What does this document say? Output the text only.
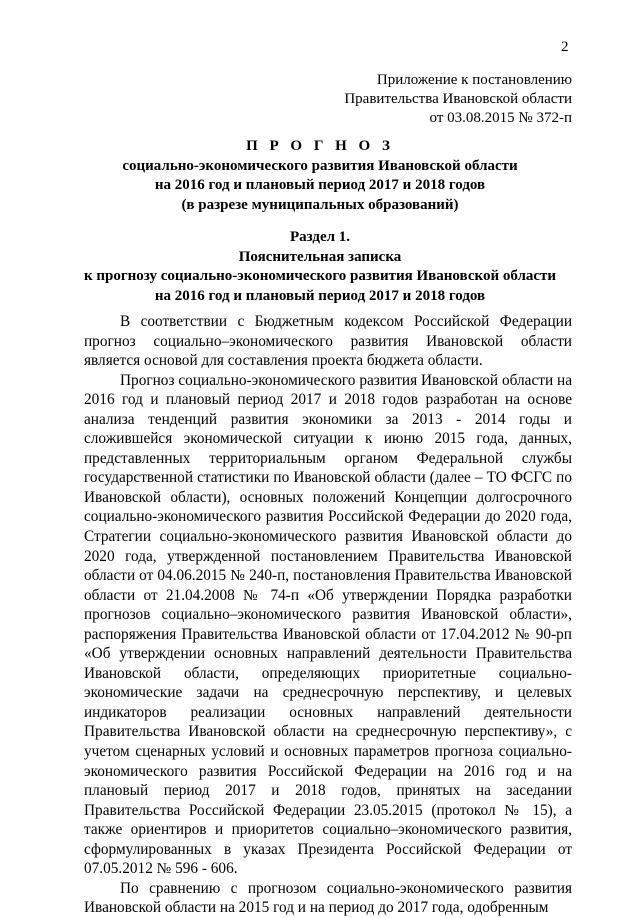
2
Приложение к постановлению
Правительства Ивановской области
от 03.08.2015 № 372-п
П Р О Г Н О З
социально-экономического развития Ивановской области
на 2016 год и плановый период 2017 и 2018 годов
(в разрезе муниципальных образований)
Раздел 1.
Пояснительная записка
к прогнозу социально-экономического развития Ивановской области
на 2016 год и плановый период 2017 и 2018 годов

В соответствии с Бюджетным кодексом Российской Федерации прогноз социально–экономического развития Ивановской области является основой для составления проекта бюджета области.

Прогноз социально-экономического развития Ивановской области на 2016 год и плановый период 2017 и 2018 годов разработан на основе анализа тенденций развития экономики за 2013 - 2014 годы и сложившейся экономической ситуации к июню 2015 года, данных, представленных территориальным органом Федеральной службы государственной статистики по Ивановской области (далее – ТО ФСГС по Ивановской области), основных положений Концепции долгосрочного социально-экономического развития Российской Федерации до 2020 года, Стратегии социально-экономического развития Ивановской области до 2020 года, утвержденной постановлением Правительства Ивановской области от 04.06.2015 № 240-п, постановления Правительства Ивановской области от 21.04.2008 № 74-п «Об утверждении Порядка разработки прогнозов социально–экономического развития Ивановской области», распоряжения Правительства Ивановской области от 17.04.2012 № 90-рп «Об утверждении основных направлений деятельности Правительства Ивановской области, определяющих приоритетные социально-экономические задачи на среднесрочную перспективу, и целевых индикаторов реализации основных направлений деятельности Правительства Ивановской области на среднесрочную перспективу», с учетом сценарных условий и основных параметров прогноза социально-экономического развития Российской Федерации на 2016 год и на плановый период 2017 и 2018 годов, принятых на заседании Правительства Российской Федерации 23.05.2015 (протокол № 15), а также ориентиров и приоритетов социально–экономического развития, сформулированных в указах Президента Российской Федерации от 07.05.2012 № 596 - 606.

По сравнению с прогнозом социально-экономического развития Ивановской области на 2015 год и на период до 2017 года, одобренным
